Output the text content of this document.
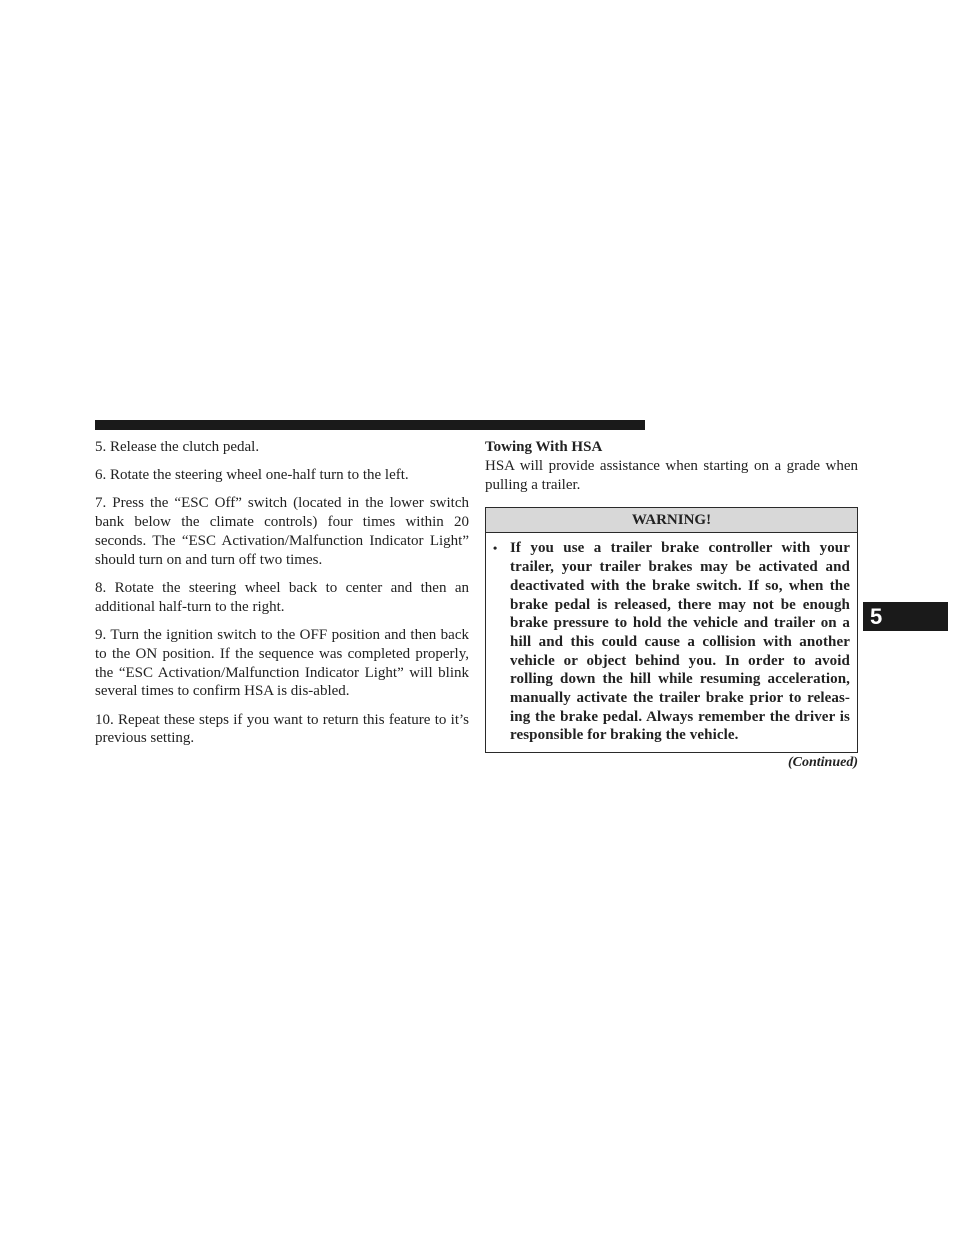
5. Release the clutch pedal.

6. Rotate the steering wheel one-half turn to the left.

7. Press the “ESC Off” switch (located in the lower switch bank below the climate controls) four times within 20 seconds. The “ESC Activation/Malfunction Indicator Light” should turn on and turn off two times.

8. Rotate the steering wheel back to center and then an additional half-turn to the right.

9. Turn the ignition switch to the OFF position and then back to the ON position. If the sequence was completed properly, the “ESC Activation/Malfunction Indicator Light” will blink several times to confirm HSA is dis-abled.

10. Repeat these steps if you want to return this feature to it’s previous setting.

Towing With HSA

HSA will provide assistance when starting on a grade when pulling a trailer.

WARNING!
• If you use a trailer brake controller with your trailer, your trailer brakes may be activated and deactivated with the brake switch. If so, when the brake pedal is released, there may not be enough brake pressure to hold the vehicle and trailer on a hill and this could cause a collision with another vehicle or object behind you. In order to avoid rolling down the hill while resuming acceleration, manually activate the trailer brake prior to releas-ing the brake pedal. Always remember the driver is responsible for braking the vehicle.
(Continued)
5
